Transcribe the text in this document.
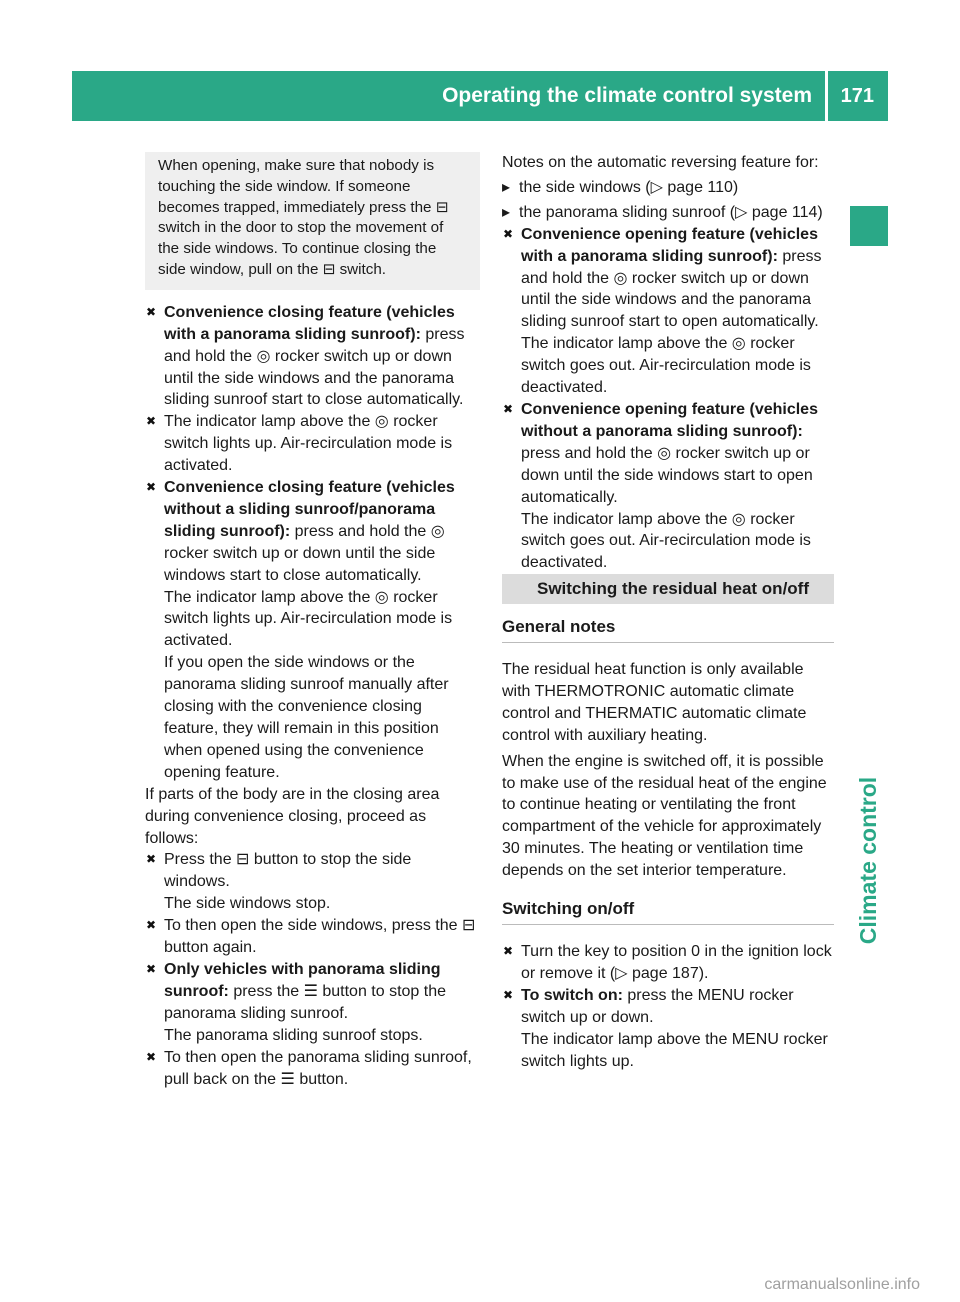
Operating the climate control system 171
Climate control

When opening, make sure that nobody is touching the side window. If someone becomes trapped, immediately press the ⊟ switch in the door to stop the movement of the side windows. To continue closing the side window, pull on the ⊟ switch.

✖ Convenience closing feature (vehicles with a panorama sliding sunroof): press and hold the ◎ rocker switch up or down until the side windows and the panorama sliding sunroof start to close automatically.

✖ The indicator lamp above the ◎ rocker switch lights up. Air-recirculation mode is activated.

✖ Convenience closing feature (vehicles without a sliding sunroof/panorama sliding sunroof): press and hold the ◎ rocker switch up or down until the side windows start to close automatically.

The indicator lamp above the ◎ rocker switch lights up. Air-recirculation mode is activated.

If you open the side windows or the panorama sliding sunroof manually after closing with the convenience closing feature, they will remain in this position when opened using the convenience opening feature.

If parts of the body are in the closing area during convenience closing, proceed as follows:

✖ Press the ⊟ button to stop the side windows.

The side windows stop.

✖ To then open the side windows, press the ⊟ button again.

✖ Only vehicles with panorama sliding sunroof: press the ☰ button to stop the panorama sliding sunroof.

The panorama sliding sunroof stops.

✖ To then open the panorama sliding sunroof, pull back on the ☰ button.

Notes on the automatic reversing feature for:

▸ the side windows (▷ page 110)

▸ the panorama sliding sunroof (▷ page 114)

✖ Convenience opening feature (vehicles with a panorama sliding sunroof): press and hold the ◎ rocker switch up or down until the side windows and the panorama sliding sunroof start to open automatically.

The indicator lamp above the ◎ rocker switch goes out. Air-recirculation mode is deactivated.

✖ Convenience opening feature (vehicles without a panorama sliding sunroof): press and hold the ◎ rocker switch up or down until the side windows start to open automatically.

The indicator lamp above the ◎ rocker switch goes out. Air-recirculation mode is deactivated.

Switching the residual heat on/off

General notes

The residual heat function is only available with THERMOTRONIC automatic climate control and THERMATIC automatic climate control with auxiliary heating.

When the engine is switched off, it is possible to make use of the residual heat of the engine to continue heating or ventilating the front compartment of the vehicle for approximately 30 minutes. The heating or ventilation time depends on the set interior temperature.

Switching on/off

✖ Turn the key to position 0 in the ignition lock or remove it (▷ page 187).

✖ To switch on: press the MENU rocker switch up or down.

The indicator lamp above the MENU rocker switch lights up.

carmanualsonline.info
